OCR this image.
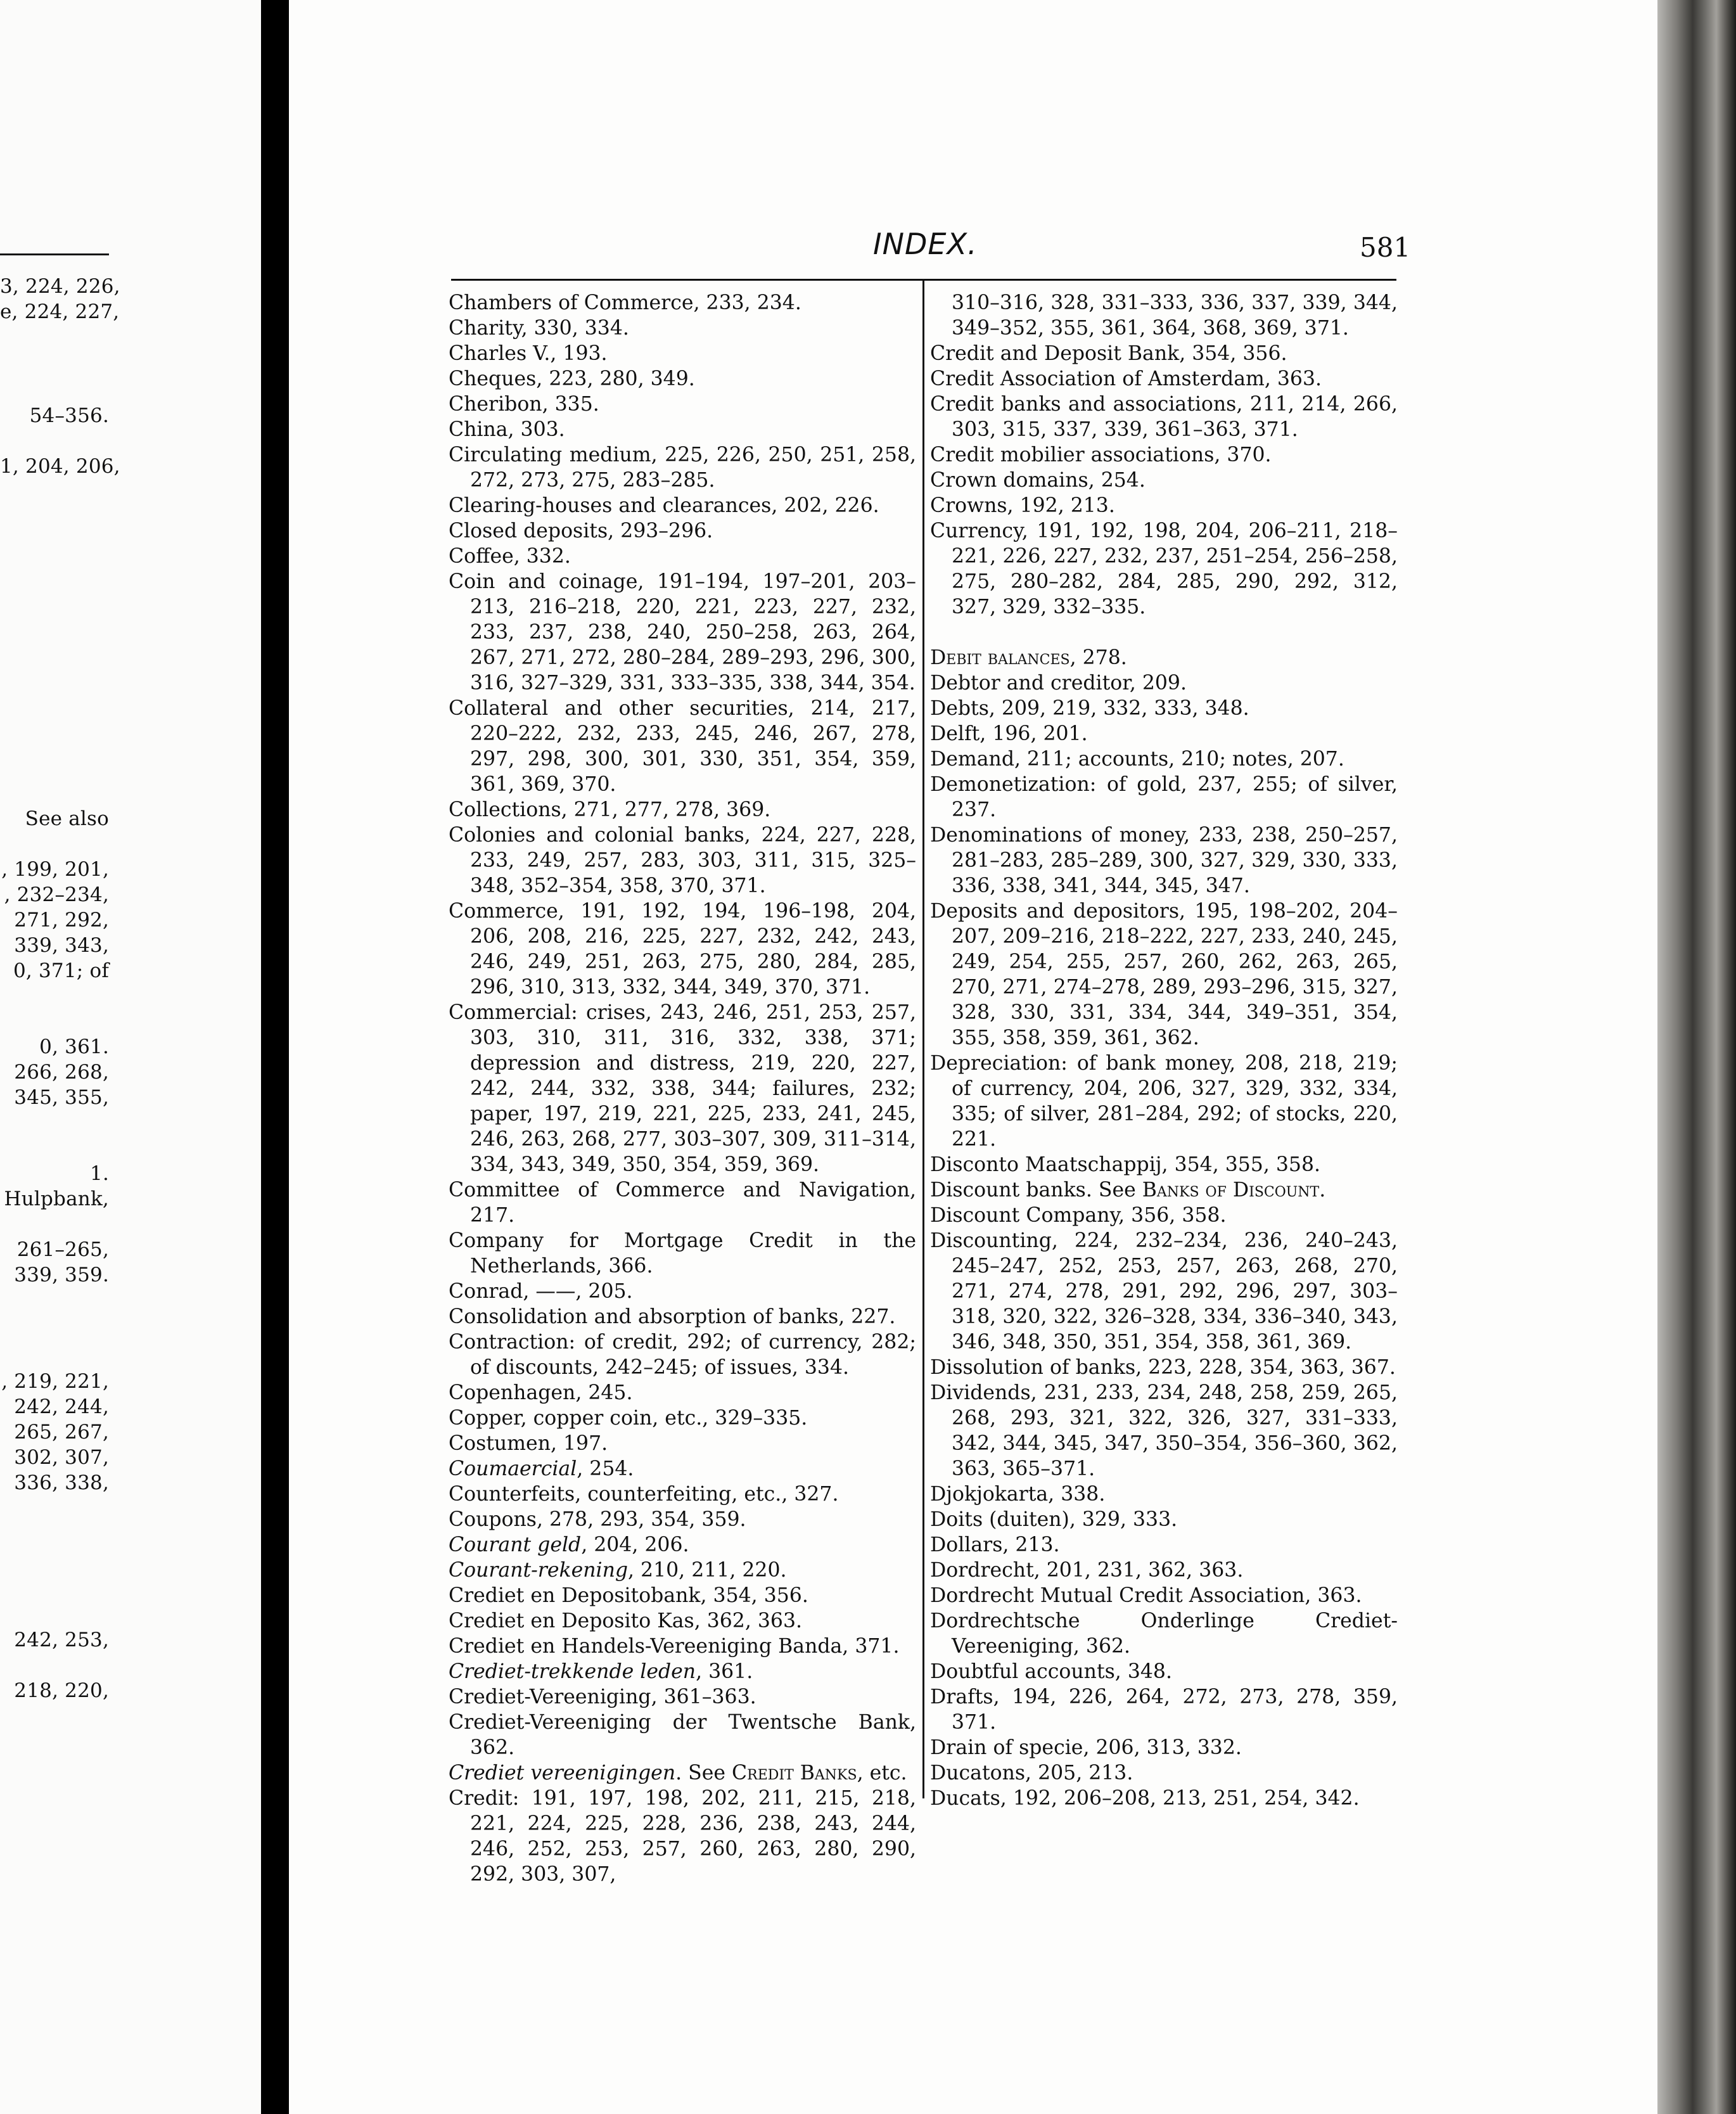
3, 224, 226,
e, 224, 227,
54–356.
1, 204, 206,
See also
, 199, 201,
, 232–234,
271, 292,
339, 343,
0, 371; of
0, 361.
266, 268,
345, 355,
1.
Hulpbank,
261–265,
339, 359.
, 219, 221,
242, 244,
265, 267,
302, 307,
336, 338,
242, 253,
218, 220,
INDEX.	581

Chambers of Commerce, 233, 234.

Charity, 330, 334.

Charles V., 193.

Cheques, 223, 280, 349.

Cheribon, 335.

China, 303.

Circulating medium, 225, 226, 250, 251, 258, 272, 273, 275, 283–285.

Clearing-houses and clearances, 202, 226.

Closed deposits, 293–296.

Coffee, 332.

Coin and coinage, 191–194, 197–201, 203–213, 216–218, 220, 221, 223, 227, 232, 233, 237, 238, 240, 250–258, 263, 264, 267, 271, 272, 280–284, 289–293, 296, 300, 316, 327–329, 331, 333–335, 338, 344, 354.

Collateral and other securities, 214, 217, 220–222, 232, 233, 245, 246, 267, 278, 297, 298, 300, 301, 330, 351, 354, 359, 361, 369, 370.

Collections, 271, 277, 278, 369.

Colonies and colonial banks, 224, 227, 228, 233, 249, 257, 283, 303, 311, 315, 325–348, 352–354, 358, 370, 371.

Commerce, 191, 192, 194, 196–198, 204, 206, 208, 216, 225, 227, 232, 242, 243, 246, 249, 251, 263, 275, 280, 284, 285, 296, 310, 313, 332, 344, 349, 370, 371.

Commercial: crises, 243, 246, 251, 253, 257, 303, 310, 311, 316, 332, 338, 371; depression and distress, 219, 220, 227, 242, 244, 332, 338, 344; failures, 232; paper, 197, 219, 221, 225, 233, 241, 245, 246, 263, 268, 277, 303–307, 309, 311–314, 334, 343, 349, 350, 354, 359, 369.

Committee of Commerce and Navigation, 217.

Company for Mortgage Credit in the Netherlands, 366.

Conrad, ——, 205.

Consolidation and absorption of banks, 227.

Contraction: of credit, 292; of currency, 282; of discounts, 242–245; of issues, 334.

Copenhagen, 245.

Copper, copper coin, etc., 329–335.

Costumen, 197.

Coumaercial, 254.

Counterfeits, counterfeiting, etc., 327.

Coupons, 278, 293, 354, 359.

Courant geld, 204, 206.

Courant-rekening, 210, 211, 220.

Crediet en Depositobank, 354, 356.

Crediet en Deposito Kas, 362, 363.

Crediet en Handels-Vereeniging Banda, 371.

Crediet-trekkende leden, 361.

Crediet-Vereeniging, 361–363.

Crediet-Vereeniging der Twentsche Bank, 362.

Crediet vereenigingen. See Credit Banks, etc.

Credit: 191, 197, 198, 202, 211, 215, 218, 221, 224, 225, 228, 236, 238, 243, 244, 246, 252, 253, 257, 260, 263, 280, 290, 292, 303, 307,

310–316, 328, 331–333, 336, 337, 339, 344, 349–352, 355, 361, 364, 368, 369, 371.

Credit and Deposit Bank, 354, 356.

Credit Association of Amsterdam, 363.

Credit banks and associations, 211, 214, 266, 303, 315, 337, 339, 361–363, 371.

Credit mobilier associations, 370.

Crown domains, 254.

Crowns, 192, 213.

Currency, 191, 192, 198, 204, 206–211, 218–221, 226, 227, 232, 237, 251–254, 256–258, 275, 280–282, 284, 285, 290, 292, 312, 327, 329, 332–335.

Debit balances, 278.

Debtor and creditor, 209.

Debts, 209, 219, 332, 333, 348.

Delft, 196, 201.

Demand, 211; accounts, 210; notes, 207.

Demonetization: of gold, 237, 255; of silver, 237.

Denominations of money, 233, 238, 250–257, 281–283, 285–289, 300, 327, 329, 330, 333, 336, 338, 341, 344, 345, 347.

Deposits and depositors, 195, 198–202, 204–207, 209–216, 218–222, 227, 233, 240, 245, 249, 254, 255, 257, 260, 262, 263, 265, 270, 271, 274–278, 289, 293–296, 315, 327, 328, 330, 331, 334, 344, 349–351, 354, 355, 358, 359, 361, 362.

Depreciation: of bank money, 208, 218, 219; of currency, 204, 206, 327, 329, 332, 334, 335; of silver, 281–284, 292; of stocks, 220, 221.

Disconto Maatschappij, 354, 355, 358.

Discount banks. See Banks of Discount.

Discount Company, 356, 358.

Discounting, 224, 232–234, 236, 240–243, 245–247, 252, 253, 257, 263, 268, 270, 271, 274, 278, 291, 292, 296, 297, 303–318, 320, 322, 326–328, 334, 336–340, 343, 346, 348, 350, 351, 354, 358, 361, 369.

Dissolution of banks, 223, 228, 354, 363, 367.

Dividends, 231, 233, 234, 248, 258, 259, 265, 268, 293, 321, 322, 326, 327, 331–333, 342, 344, 345, 347, 350–354, 356–360, 362, 363, 365–371.

Djokjokarta, 338.

Doits (duiten), 329, 333.

Dollars, 213.

Dordrecht, 201, 231, 362, 363.

Dordrecht Mutual Credit Association, 363.

Dordrechtsche Onderlinge Crediet-Vereeniging, 362.

Doubtful accounts, 348.

Drafts, 194, 226, 264, 272, 273, 278, 359, 371.

Drain of specie, 206, 313, 332.

Ducatons, 205, 213.

Ducats, 192, 206–208, 213, 251, 254, 342.
